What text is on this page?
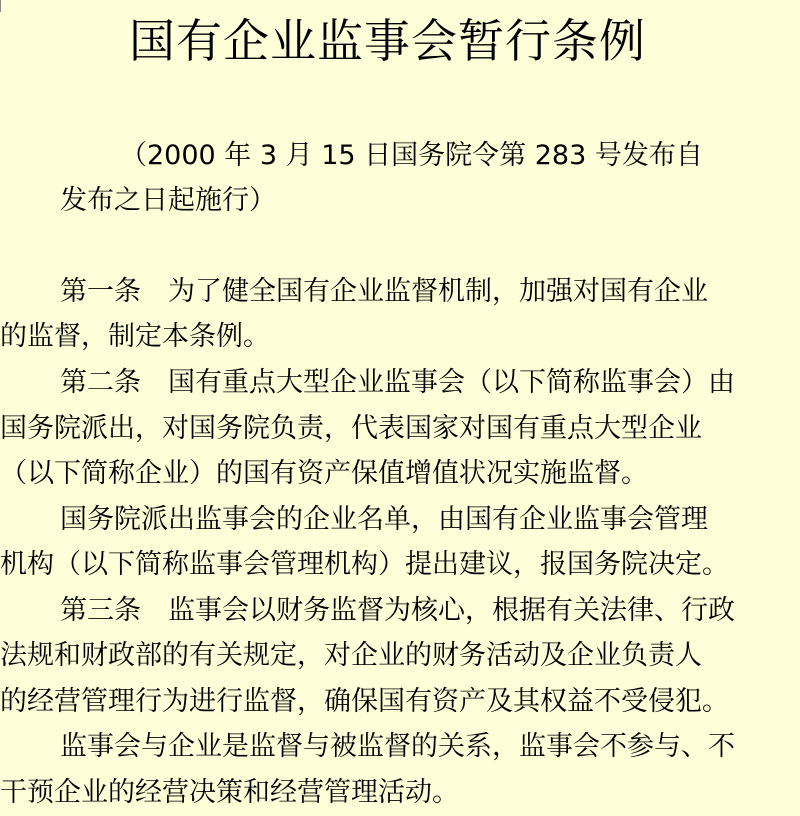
国有企业监事会暂行条例
（2000 年 3 月 15 日国务院令第 283 号发布自
发布之日起施行）
第一条　为了健全国有企业监督机制，加强对国有企业
的监督，制定本条例。
第二条　国有重点大型企业监事会（以下简称监事会）由
国务院派出，对国务院负责，代表国家对国有重点大型企业
（以下简称企业）的国有资产保值增值状况实施监督。
国务院派出监事会的企业名单，由国有企业监事会管理
机构（以下简称监事会管理机构）提出建议，报国务院决定。
第三条　监事会以财务监督为核心，根据有关法律、行政
法规和财政部的有关规定，对企业的财务活动及企业负责人
的经营管理行为进行监督，确保国有资产及其权益不受侵犯。
监事会与企业是监督与被监督的关系，监事会不参与、不
干预企业的经营决策和经营管理活动。
